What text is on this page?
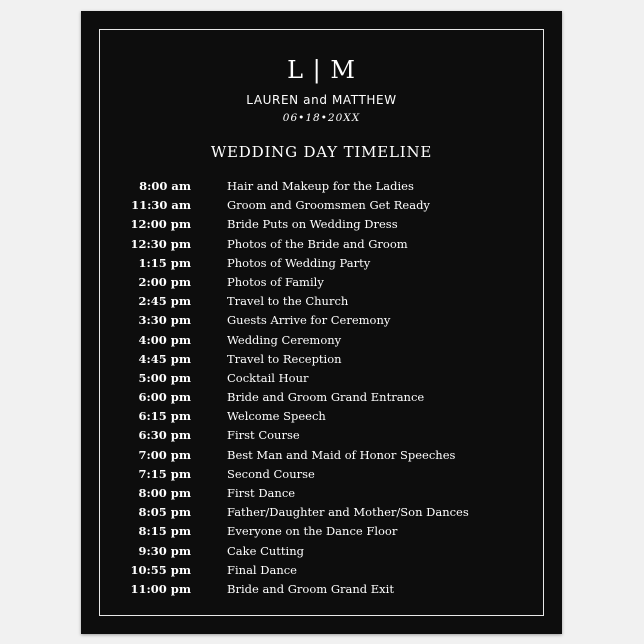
L | M
LAUREN and MATTHEW
06•18•20XX
WEDDING DAY TIMELINE
8:00 am	Hair and Makeup for the Ladies
11:30 am	Groom and Groomsmen Get Ready
12:00 pm	Bride Puts on Wedding Dress
12:30 pm	Photos of the Bride and Groom
1:15 pm	Photos of Wedding Party
2:00 pm	Photos of Family
2:45 pm	Travel to the Church
3:30 pm	Guests Arrive for Ceremony
4:00 pm	Wedding Ceremony
4:45 pm	Travel to Reception
5:00 pm	Cocktail Hour
6:00 pm	Bride and Groom Grand Entrance
6:15 pm	Welcome Speech
6:30 pm	First Course
7:00 pm	Best Man and Maid of Honor Speeches
7:15 pm	Second Course
8:00 pm	First Dance
8:05 pm	Father/Daughter and Mother/Son Dances
8:15 pm	Everyone on the Dance Floor
9:30 pm	Cake Cutting
10:55 pm	Final Dance
11:00 pm	Bride and Groom Grand Exit
